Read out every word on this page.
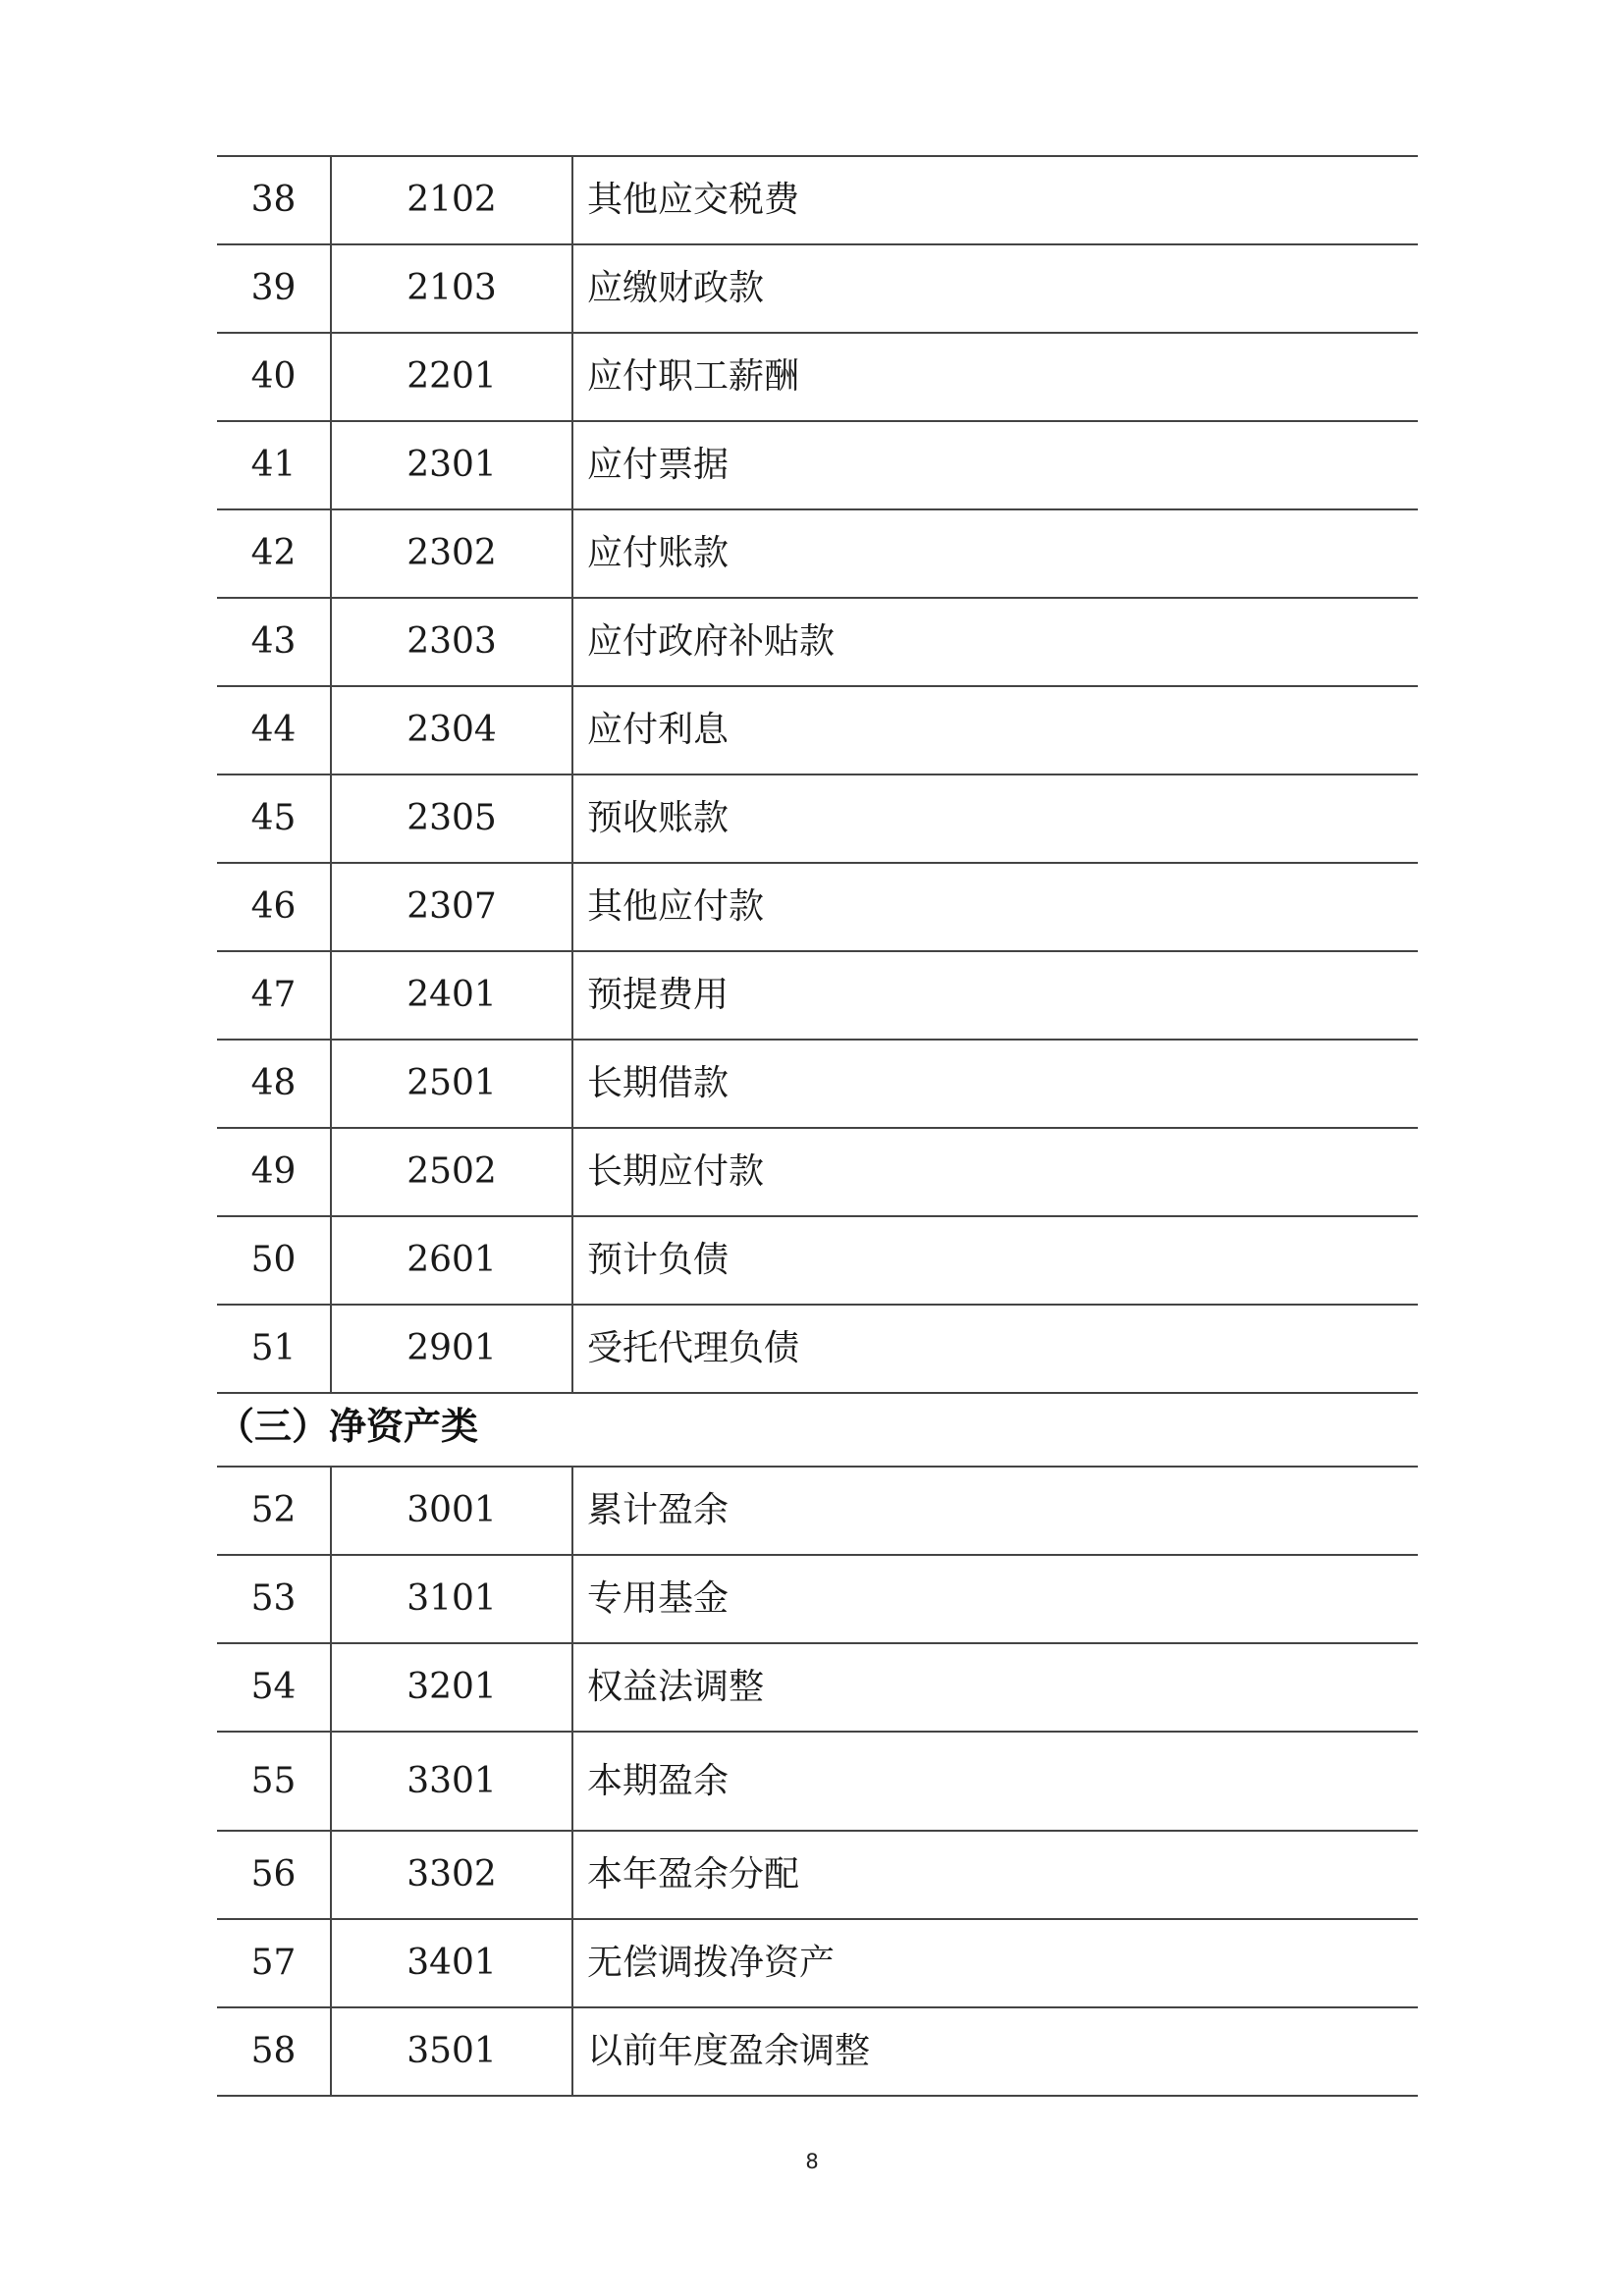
38	2102	其他应交税费
39	2103	应缴财政款
40	2201	应付职工薪酬
41	2301	应付票据
42	2302	应付账款
43	2303	应付政府补贴款
44	2304	应付利息
45	2305	预收账款
46	2307	其他应付款
47	2401	预提费用
48	2501	长期借款
49	2502	长期应付款
50	2601	预计负债
51	2901	受托代理负债
（三）净资产类
52	3001	累计盈余
53	3101	专用基金
54	3201	权益法调整
55	3301	本期盈余
56	3302	本年盈余分配
57	3401	无偿调拨净资产
58	3501	以前年度盈余调整
8
